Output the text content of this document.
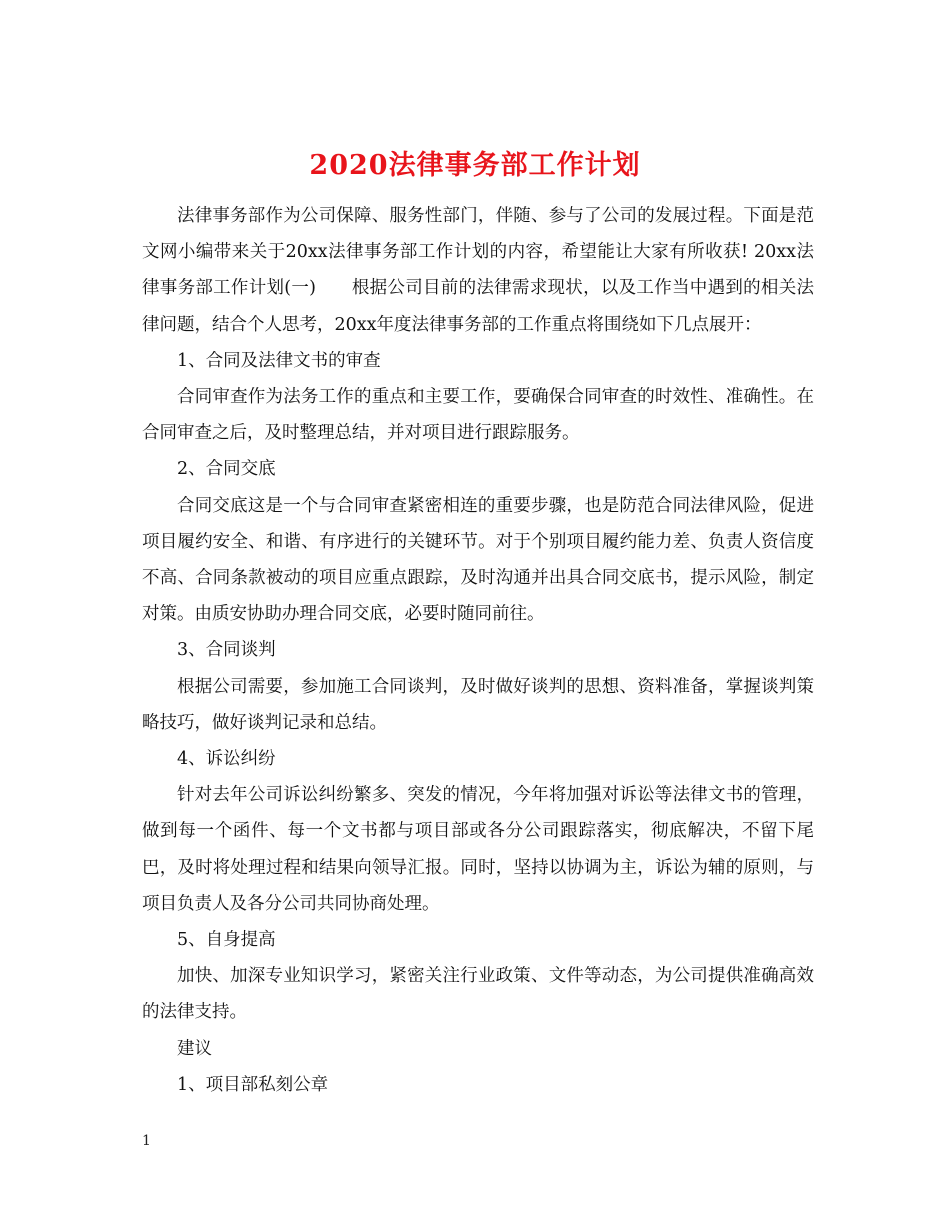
2020法律事务部工作计划

法律事务部作为公司保障、服务性部门，伴随、参与了公司的发展过程。下面是范文网小编带来关于20xx法律事务部工作计划的内容，希望能让大家有所收获! 20xx法律事务部工作计划(一)　　根据公司目前的法律需求现状，以及工作当中遇到的相关法律问题，结合个人思考，20xx年度法律事务部的工作重点将围绕如下几点展开：

1、合同及法律文书的审查

合同审查作为法务工作的重点和主要工作，要确保合同审查的时效性、准确性。在合同审查之后，及时整理总结，并对项目进行跟踪服务。

2、合同交底

合同交底这是一个与合同审查紧密相连的重要步骤，也是防范合同法律风险，促进项目履约安全、和谐、有序进行的关键环节。对于个别项目履约能力差、负责人资信度不高、合同条款被动的项目应重点跟踪，及时沟通并出具合同交底书，提示风险，制定对策。由质安协助办理合同交底，必要时随同前往。

3、合同谈判

根据公司需要，参加施工合同谈判，及时做好谈判的思想、资料准备，掌握谈判策略技巧，做好谈判记录和总结。

4、诉讼纠纷

针对去年公司诉讼纠纷繁多、突发的情况，今年将加强对诉讼等法律文书的管理，做到每一个函件、每一个文书都与项目部或各分公司跟踪落实，彻底解决，不留下尾巴，及时将处理过程和结果向领导汇报。同时，坚持以协调为主，诉讼为辅的原则，与项目负责人及各分公司共同协商处理。

5、自身提高

加快、加深专业知识学习，紧密关注行业政策、文件等动态，为公司提供准确高效的法律支持。

建议

1、项目部私刻公章

1
